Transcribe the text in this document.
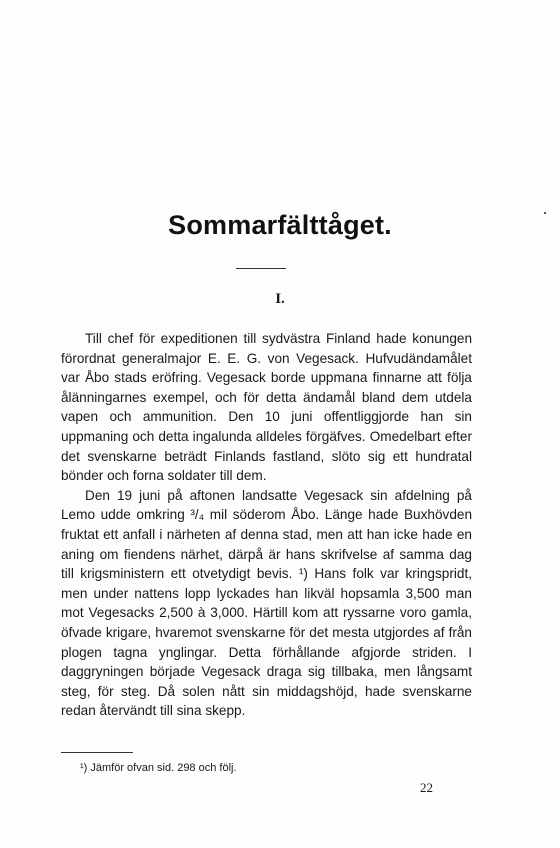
Sommarfälttåget.
I.

Till chef för expeditionen till sydvästra Finland hade konungen förordnat generalmajor E. E. G. von Vegesack. Hufvudändamålet var Åbo stads eröfring. Vegesack borde uppmana finnarne att följa ålänningarnes exempel, och för detta ändamål bland dem utdela vapen och ammunition. Den 10 juni offentliggjorde han sin uppmaning och detta ingalunda alldeles förgäfves. Omedelbart efter det svenskarne beträdt Finlands fastland, slöto sig ett hundratal bönder och forna soldater till dem.

Den 19 juni på aftonen landsatte Vegesack sin afdelning på Lemo udde omkring ³/₄ mil söderom Åbo. Länge hade Buxhövden fruktat ett anfall i närheten af denna stad, men att han icke hade en aning om fiendens närhet, därpå är hans skrifvelse af samma dag till krigsministern ett otvetydigt bevis. ¹) Hans folk var kringspridt, men under nattens lopp lyckades han likväl hopsamla 3,500 man mot Vegesacks 2,500 à 3,000. Härtill kom att ryssarne voro gamla, öfvade krigare, hvaremot svenskarne för det mesta utgjordes af från plogen tagna ynglingar. Detta förhållande afgjorde striden. I daggryningen började Vegesack draga sig tillbaka, men långsamt steg, för steg. Då solen nått sin middagshöjd, hade svenskarne redan återvändt till sina skepp.

¹) Jämför ofvan sid. 298 och följ.
22
